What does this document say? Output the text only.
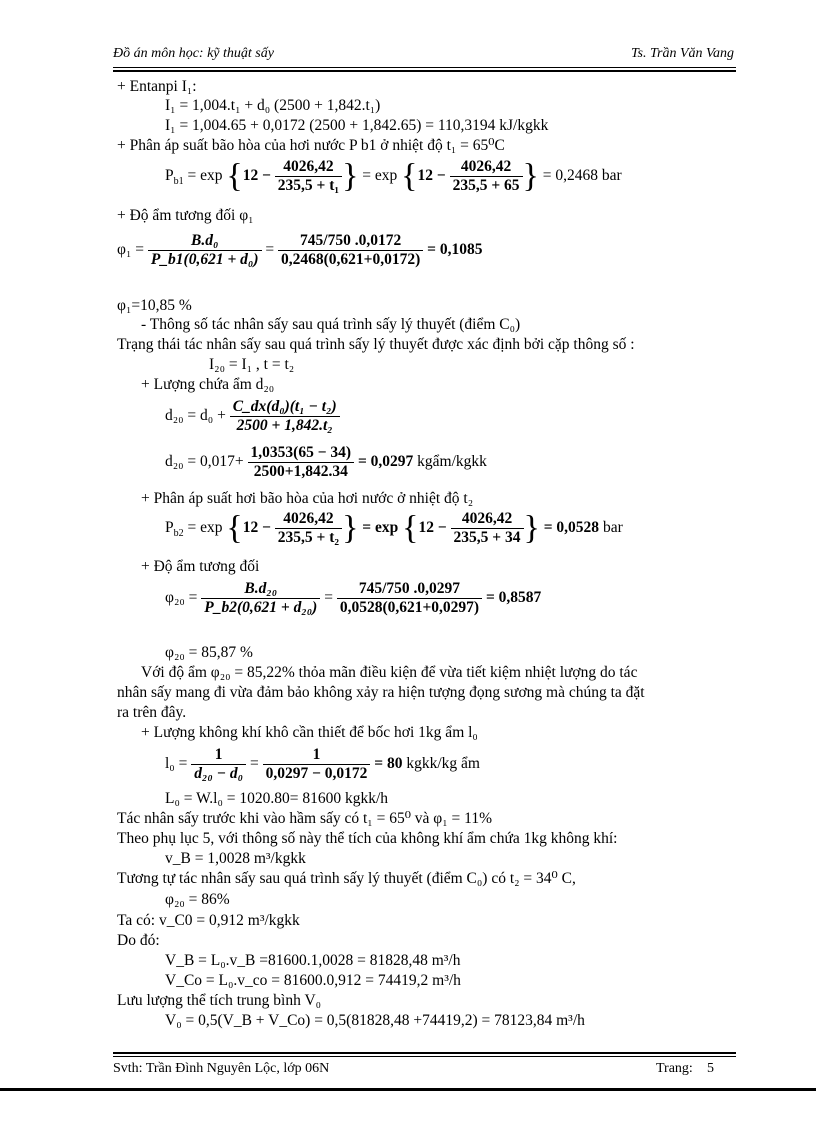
Đồ án môn học: kỹ thuật sấy	Ts. Trần Văn Vang
+ Entanpi I₁:
I₁ = 1,004.t₁ + d₀ (2500 + 1,842.t₁)
I₁ = 1,004.65 + 0,0172 (2500 + 1,842.65) = 110,3194 kJ/kgkk
+ Phân áp suất bão hòa của hơi nước P b1 ở nhiệt độ t₁ = 65⁰C
$P_{b1} = \exp \{12 - \frac{4026,42}{\text{235,5 + t₁}}$ } = $\exp \{12 - \frac{4026,42}{235,5 + 65}$ } = 0,2468 bar
+ Độ ẩm tương đối φ₁
$\varphi_1 = \frac{\text{B.d₀}}{\text{P\_b1(0,621 + d₀)}} = \frac{745/750 .0,0172}{0,2468(0,621+0,0172)} = 0,1085$
φ₁=10,85 %
- Thông số tác nhân sấy sau quá trình sấy lý thuyết (điểm C₀)
Trạng thái tác nhân sấy sau quá trình sấy lý thuyết được xác định bởi cặp thông số :
I₂₀ = I₁ , t = t₂
+ Lượng chứa ẩm d₂₀
$d_{20} = d_0 + \frac{\text{C\_dx(d₀)(t₁ − t₂)}}{\text{2500 + 1,842.t₂}}$
$d_{20} = 0,017+ \frac{1,0353(65 - 34)}{2500+1,842.34} = 0,0297$ kgẩm/kgkk
+ Phân áp suất hơi bão hòa của hơi nước ở nhiệt độ t₂
$P_{b2} = \exp \{12 - \frac{4026,42}{\text{235,5 + t₂}}$ } = $\exp \{12 - \frac{4026,42}{235,5 + 34}$ } = 0,0528 bar
+ Độ ẩm tương đối
$\varphi_{20} = \frac{\text{B.d₂₀}}{\text{P\_b2(0,621 + d₂₀)}} = \frac{745/750 .0,0297}{0,0528(0,621+0,0297)} = 0,8587$
φ₂₀ = 85,87 %
Với độ ẩm φ₂₀ = 85,22% thỏa mãn điều kiện để vừa tiết kiệm nhiệt lượng do tác
nhân sấy mang đi vừa đảm bảo không xảy ra hiện tượng đọng sương mà chúng ta đặt
ra trên đây.
+ Lượng không khí khô cần thiết để bốc hơi 1kg ẩm l₀
$l_0 = \frac{1}{\text{d₂₀ − d₀}} = \frac{1}{0,0297 - 0,0172} = 80$ kgkk/kg ẩm
L₀ = W.l₀ = 1020.80= 81600 kgkk/h
Tác nhân sấy trước khi vào hầm sấy có t₁ = 65⁰ và φ₁ = 11%
Theo phụ lục 5, với thông số này thể tích của không khí ẩm chứa 1kg không khí:
v_B = 1,0028 m³/kgkk
Tương tự tác nhân sấy sau quá trình sấy lý thuyết (điểm C₀) có t₂ = 34⁰ C,
φ₂₀ = 86%
Ta có: v_C0 = 0,912 m³/kgkk
Do đó:
V_B = L₀.v_B =81600.1,0028 = 81828,48 m³/h
V_Co = L₀.v_co = 81600.0,912 = 74419,2 m³/h
Lưu lượng thể tích trung bình V₀
V₀ = 0,5(V_B + V_Co) = 0,5(81828,48 +74419,2) = 78123,84 m³/h
Svth: Trần Đình Nguyên Lộc, lớp 06N	Trang: 5
